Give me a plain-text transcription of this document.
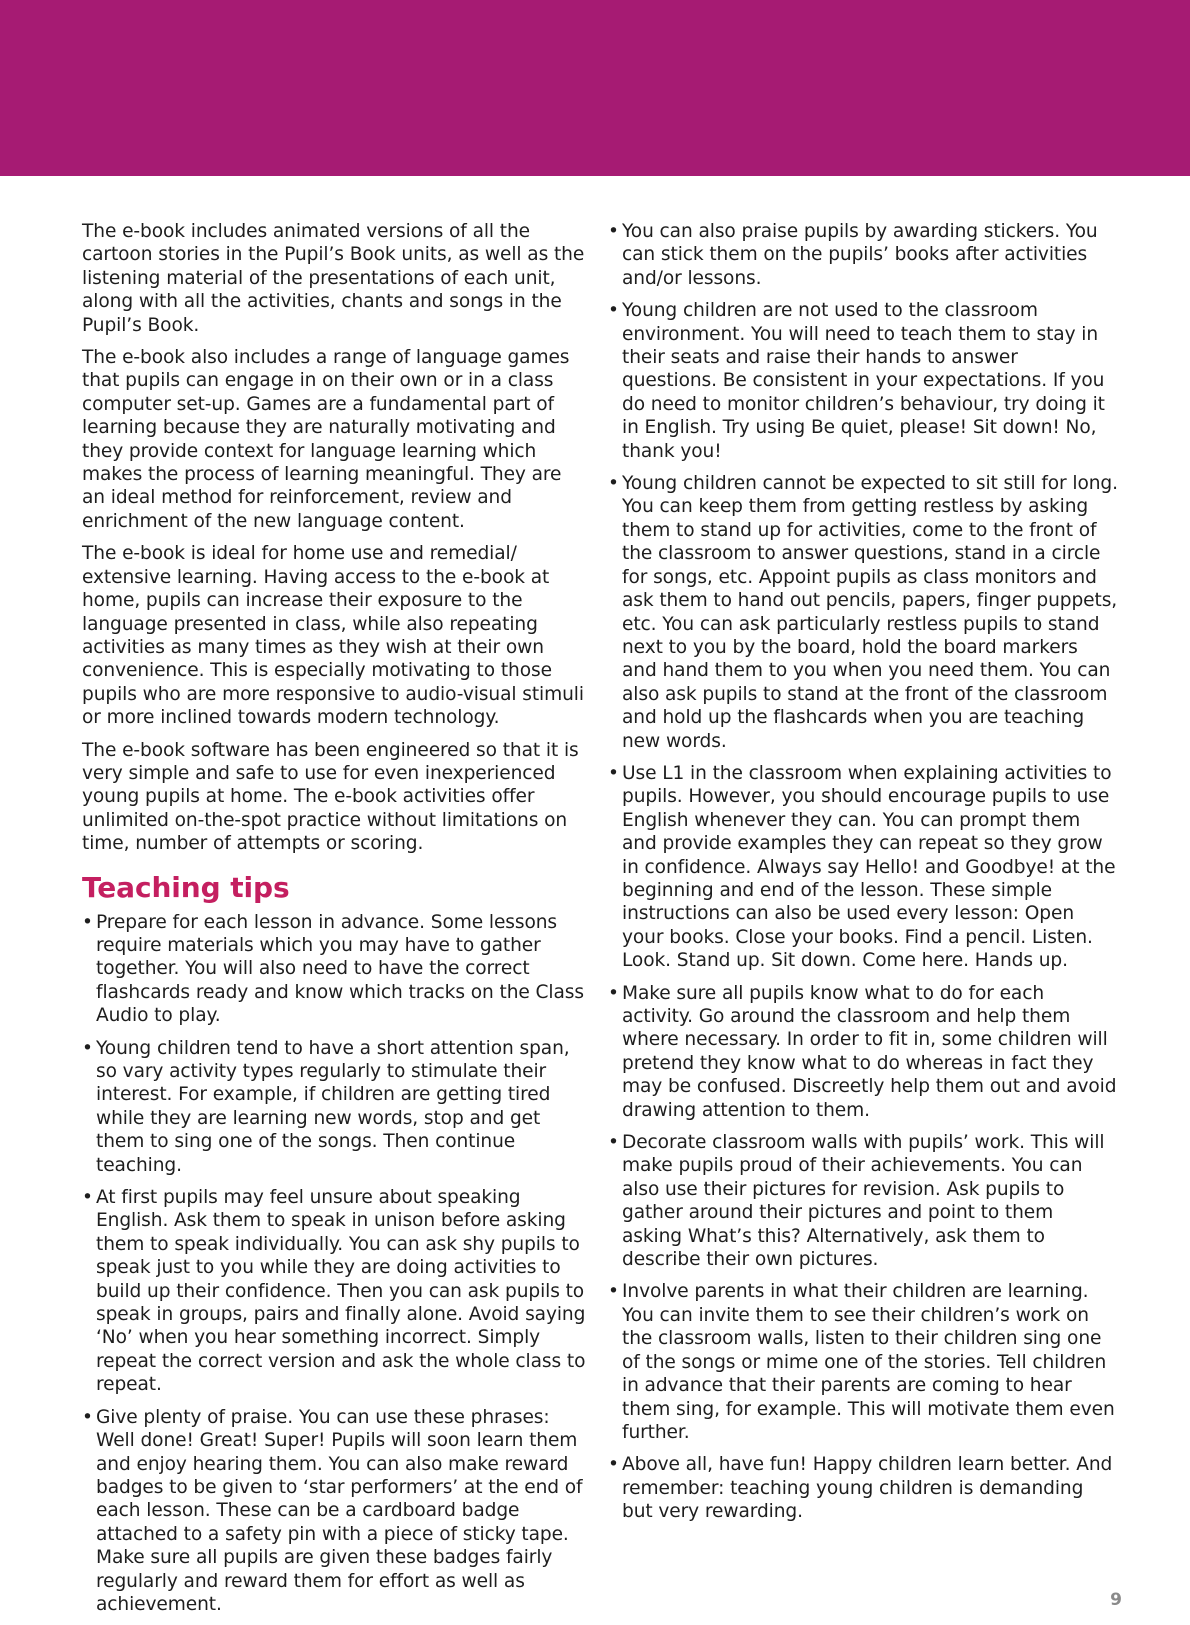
The e-book includes animated versions of all the cartoon stories in the Pupil’s Book units, as well as the listening material of the presentations of each unit, along with all the activities, chants and songs in the Pupil’s Book.

The e-book also includes a range of language games that pupils can engage in on their own or in a class computer set-up. Games are a fundamental part of learning because they are naturally motivating and they provide context for language learning which makes the process of learning meaningful. They are an ideal method for reinforcement, review and enrichment of the new language content.

The e-book is ideal for home use and remedial/ extensive learning. Having access to the e-book at home, pupils can increase their exposure to the language presented in class, while also repeating activities as many times as they wish at their own convenience. This is especially motivating to those pupils who are more responsive to audio-visual stimuli or more inclined towards modern technology.

The e-book software has been engineered so that it is very simple and safe to use for even inexperienced young pupils at home. The e-book activities offer unlimited on-the-spot practice without limitations on time, number of attempts or scoring.

Teaching tips
• Prepare for each lesson in advance. Some lessons require materials which you may have to gather together. You will also need to have the correct flashcards ready and know which tracks on the Class Audio to play.
• Young children tend to have a short attention span, so vary activity types regularly to stimulate their interest. For example, if children are getting tired while they are learning new words, stop and get them to sing one of the songs. Then continue teaching.
• At first pupils may feel unsure about speaking English. Ask them to speak in unison before asking them to speak individually. You can ask shy pupils to speak just to you while they are doing activities to build up their confidence. Then you can ask pupils to speak in groups, pairs and finally alone. Avoid saying ‘No’ when you hear something incorrect. Simply repeat the correct version and ask the whole class to repeat.
• Give plenty of praise. You can use these phrases: Well done! Great! Super! Pupils will soon learn them and enjoy hearing them. You can also make reward badges to be given to ‘star performers’ at the end of each lesson. These can be a cardboard badge attached to a safety pin with a piece of sticky tape. Make sure all pupils are given these badges fairly regularly and reward them for effort as well as achievement.
• You can also praise pupils by awarding stickers. You can stick them on the pupils’ books after activities and/or lessons.
• Young children are not used to the classroom environment. You will need to teach them to stay in their seats and raise their hands to answer questions. Be consistent in your expectations. If you do need to monitor children’s behaviour, try doing it in English. Try using Be quiet, please! Sit down! No, thank you!
• Young children cannot be expected to sit still for long. You can keep them from getting restless by asking them to stand up for activities, come to the front of the classroom to answer questions, stand in a circle for songs, etc. Appoint pupils as class monitors and ask them to hand out pencils, papers, finger puppets, etc. You can ask particularly restless pupils to stand next to you by the board, hold the board markers and hand them to you when you need them. You can also ask pupils to stand at the front of the classroom and hold up the flashcards when you are teaching new words.
• Use L1 in the classroom when explaining activities to pupils. However, you should encourage pupils to use English whenever they can. You can prompt them and provide examples they can repeat so they grow in confidence. Always say Hello! and Goodbye! at the beginning and end of the lesson. These simple instructions can also be used every lesson: Open your books. Close your books. Find a pencil. Listen. Look. Stand up. Sit down. Come here. Hands up.
• Make sure all pupils know what to do for each activity. Go around the classroom and help them where necessary. In order to fit in, some children will pretend they know what to do whereas in fact they may be confused. Discreetly help them out and avoid drawing attention to them.
• Decorate classroom walls with pupils’ work. This will make pupils proud of their achievements. You can also use their pictures for revision. Ask pupils to gather around their pictures and point to them asking What’s this? Alternatively, ask them to describe their own pictures.
• Involve parents in what their children are learning. You can invite them to see their children’s work on the classroom walls, listen to their children sing one of the songs or mime one of the stories. Tell children in advance that their parents are coming to hear them sing, for example. This will motivate them even further.
• Above all, have fun! Happy children learn better. And remember: teaching young children is demanding but very rewarding.
9
